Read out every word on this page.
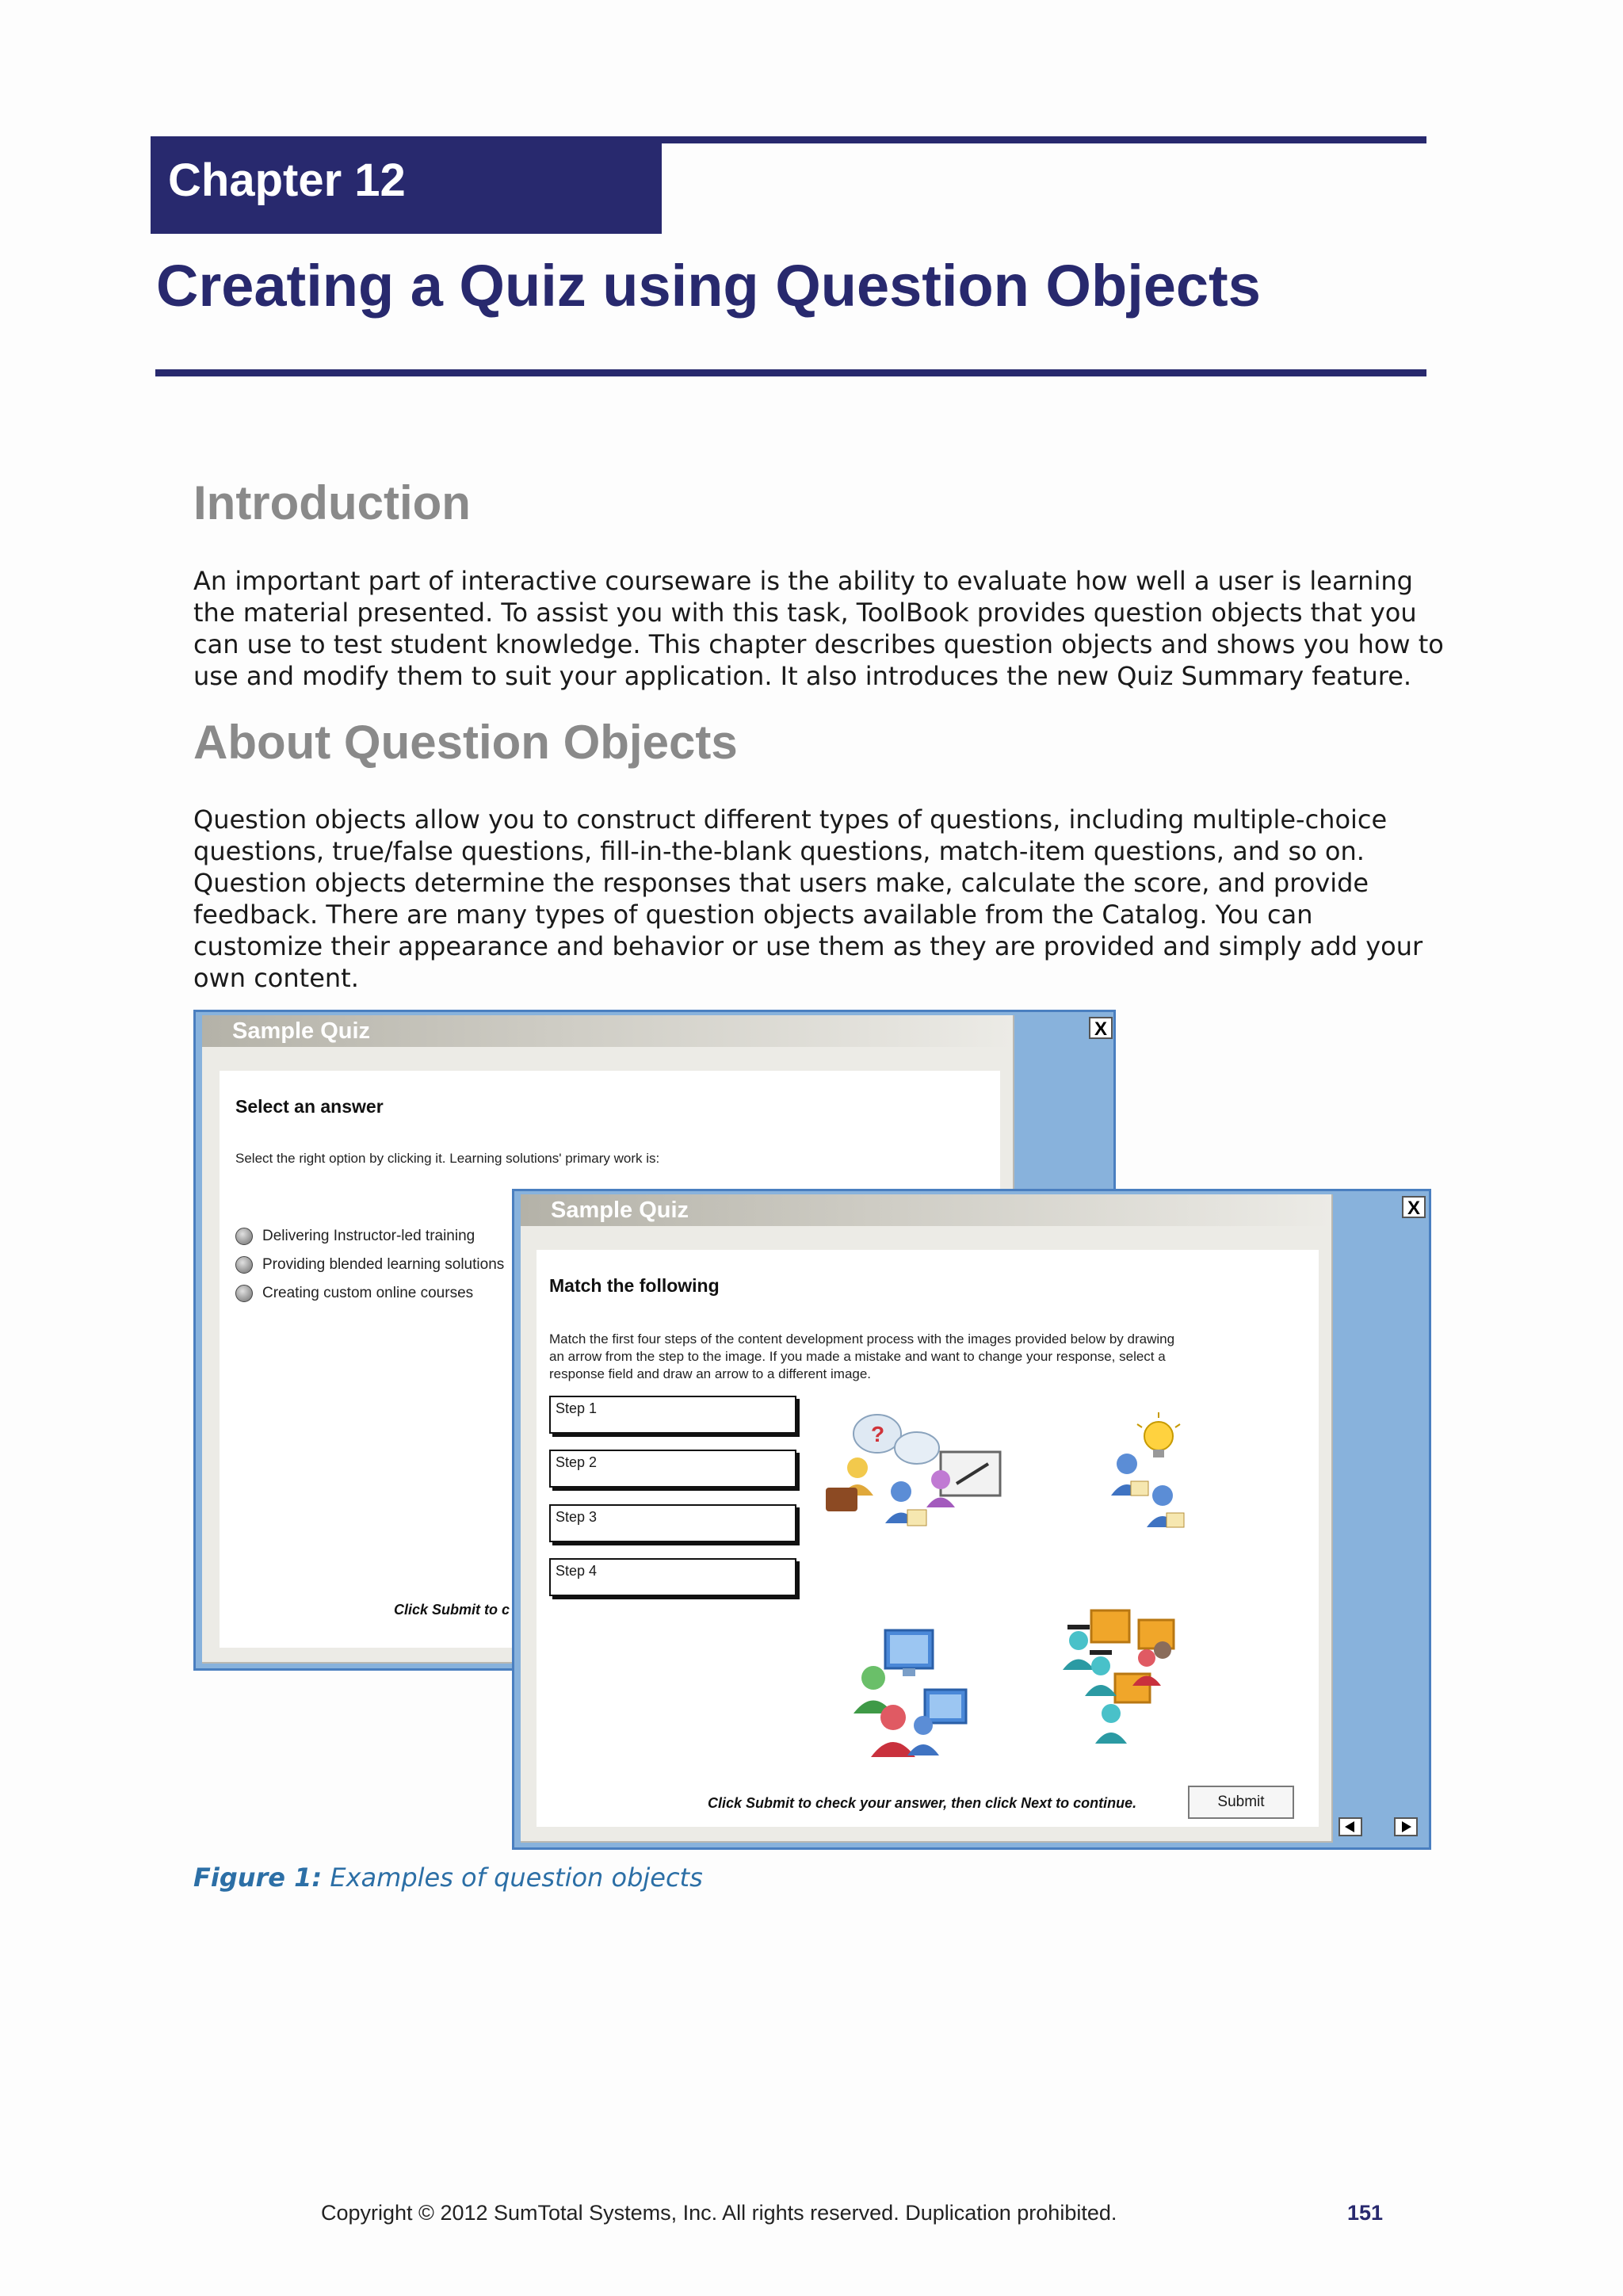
Chapter 12
Creating a Quiz using Question Objects
Introduction

An important part of interactive courseware is the ability to evaluate how well a user is learning
the material presented. To assist you with this task, ToolBook provides question objects that you
can use to test student knowledge. This chapter describes question objects and shows you how to
use and modify them to suit your application. It also introduces the new Quiz Summary feature.

About Question Objects

Question objects allow you to construct different types of questions, including multiple-choice
questions, true/false questions, fill-in-the-blank questions, match-item questions, and so on.
Question objects determine the responses that users make, calculate the score, and provide
feedback. There are many types of question objects available from the Catalog. You can
customize their appearance and behavior or use them as they are provided and simply add your
own content.

Sample Quiz
Select an answer
Select the right option by clicking it. Learning solutions' primary work is:
Delivering Instructor-led training
Providing blended learning solutions
Creating custom online courses
Click Submit to c
X
Sample Quiz
Match the following
Match the first four steps of the content development process with the images provided below by drawing
an arrow from the step to the image. If you made a mistake and want to change your response, select a
response field and draw an arrow to a different image.
Step 1
Step 2
Step 3
Step 4
?
Click Submit to check your answer, then click Next to continue.	Submit
X
Figure 1: Examples of question objects
Copyright © 2012 SumTotal Systems, Inc. All rights reserved. Duplication prohibited.	151
